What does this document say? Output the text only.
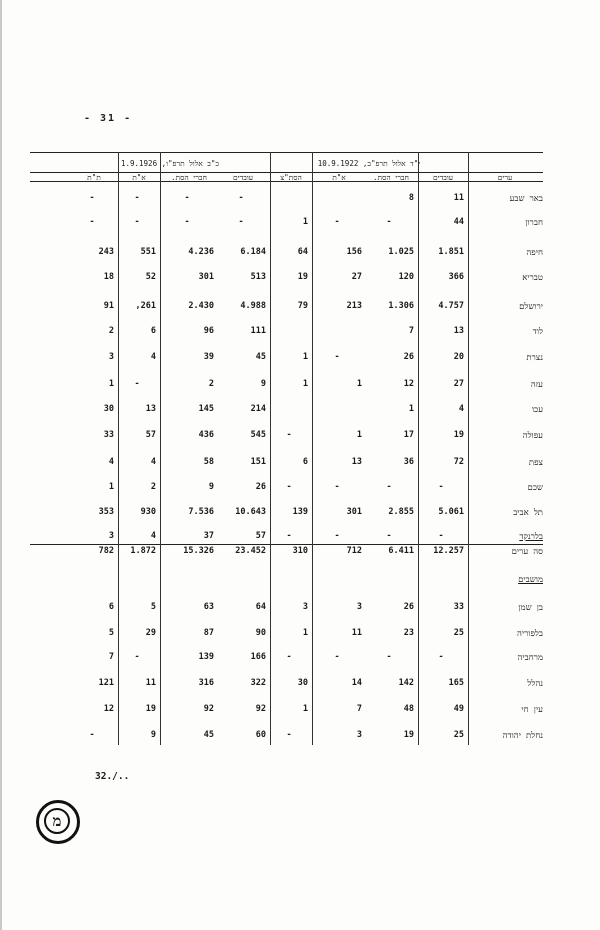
- 31 -
י"ד אלול תרפ"ב, 10.9.1922
כ"ב אלול תרפ"ו, 1.9.1926
ערים
עובדים
חברי הסת.
א"ת
הסת"צ
עובדים
חברי הסת.
א"ת
ת"ת
באר שבע
11
8
-
-
-
-
חברון
44
-
-
1
-
-
-
-
חיפה
1.851
1.025
156
64
6.184
4.236
551
243
טבריא
366
120
27
19
513
301
52
18
ירושלם
4.757
1.306
213
79
4.988
2.430
,261
91
לוד
13
7
111
96
6
2
נצרת
20
26
-
1
45
39
4
3
עזה
27
12
1
1
9
2
-
1
עכו
4
1
214
145
13
30
עפולה
19
17
1
-
545
436
57
33
צפת
72
36
13
6
151
58
4
4
שכם
-
-
-
-
26
9
2
1
תל אביב
5.061
2.855
301
139
10.643
7.536
930
353
בלרנקד
-
-
-
-
57
37
4
3
סה ערים
12.257
6.411
712
310
23.452
15.326
1.872
782
מושבים
בן שמן
33
26
3
3
64
63
5
6
בלפוריה
25
23
11
1
90
87
29
5
מרחביה
-
-
-
-
166
139
-
7
נהלל
165
142
14
30
322
316
11
121
עין חי
49
48
7
1
92
92
19
12
נחלת יהודה
25
19
3
-
60
45
9
-
32./..
מ
